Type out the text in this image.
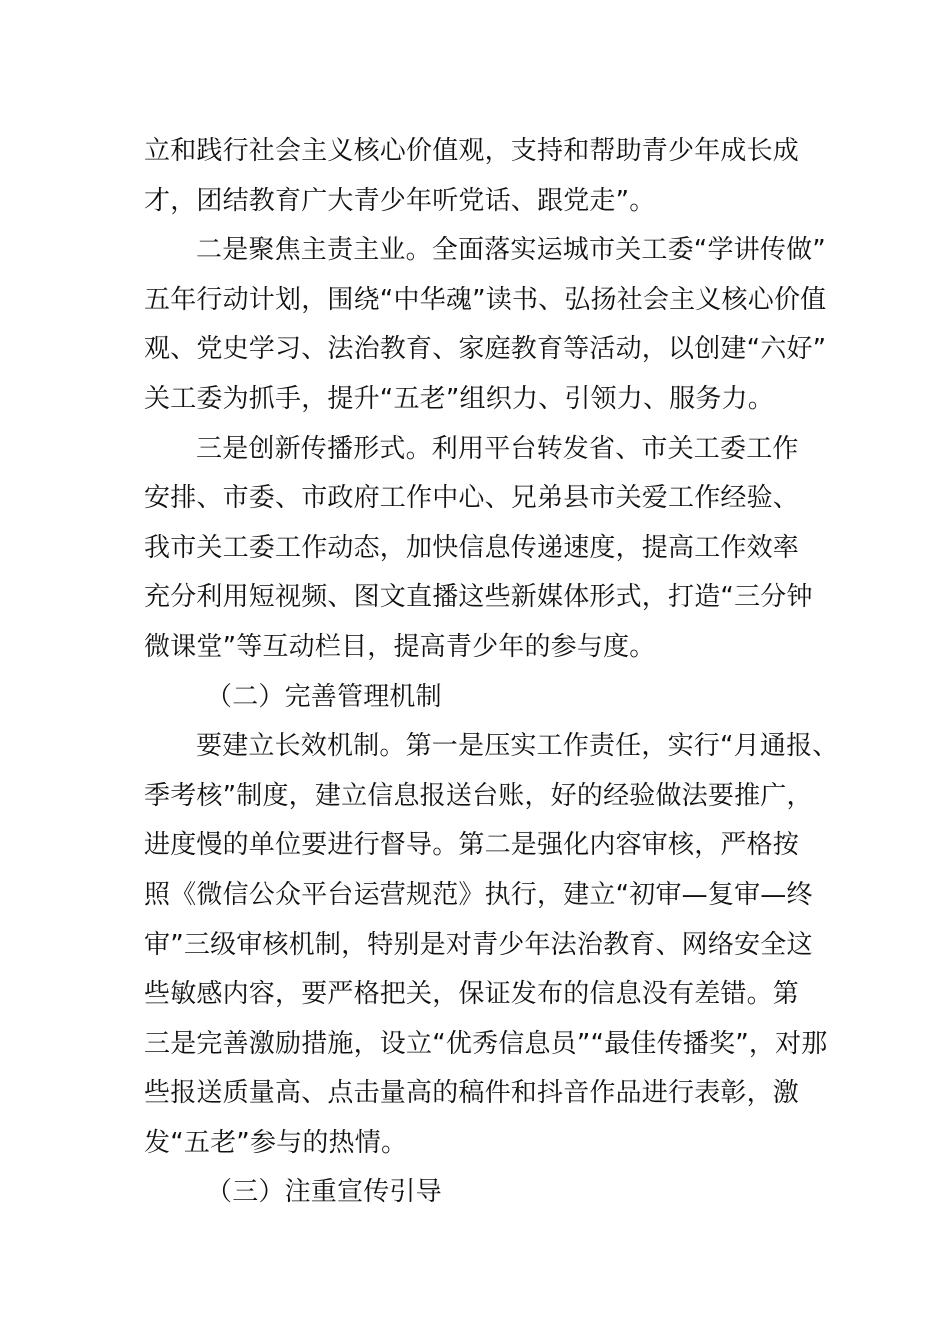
立和践行社会主义核心价值观，支持和帮助青少年成长成
才，团结教育广大青少年听党话、跟党走”。
二是聚焦主责主业。全面落实运城市关工委“学讲传做”
五年行动计划，围绕“中华魂”读书、弘扬社会主义核心价值
观、党史学习、法治教育、家庭教育等活动，以创建“六好”
关工委为抓手，提升“五老”组织力、引领力、服务力。
三是创新传播形式。利用平台转发省、市关工委工作
安排、市委、市政府工作中心、兄弟县市关爱工作经验、
我市关工委工作动态，加快信息传递速度，提高工作效率
充分利用短视频、图文直播这些新媒体形式，打造“三分钟
微课堂”等互动栏目，提高青少年的参与度。
（二）完善管理机制
要建立长效机制。第一是压实工作责任，实行“月通报、
季考核”制度，建立信息报送台账，好的经验做法要推广，
进度慢的单位要进行督导。第二是强化内容审核，严格按
照《微信公众平台运营规范》执行，建立“初审—复审—终
审”三级审核机制，特别是对青少年法治教育、网络安全这
些敏感内容，要严格把关，保证发布的信息没有差错。第
三是完善激励措施，设立“优秀信息员”“最佳传播奖”，对那
些报送质量高、点击量高的稿件和抖音作品进行表彰，激
发“五老”参与的热情。
（三）注重宣传引导
